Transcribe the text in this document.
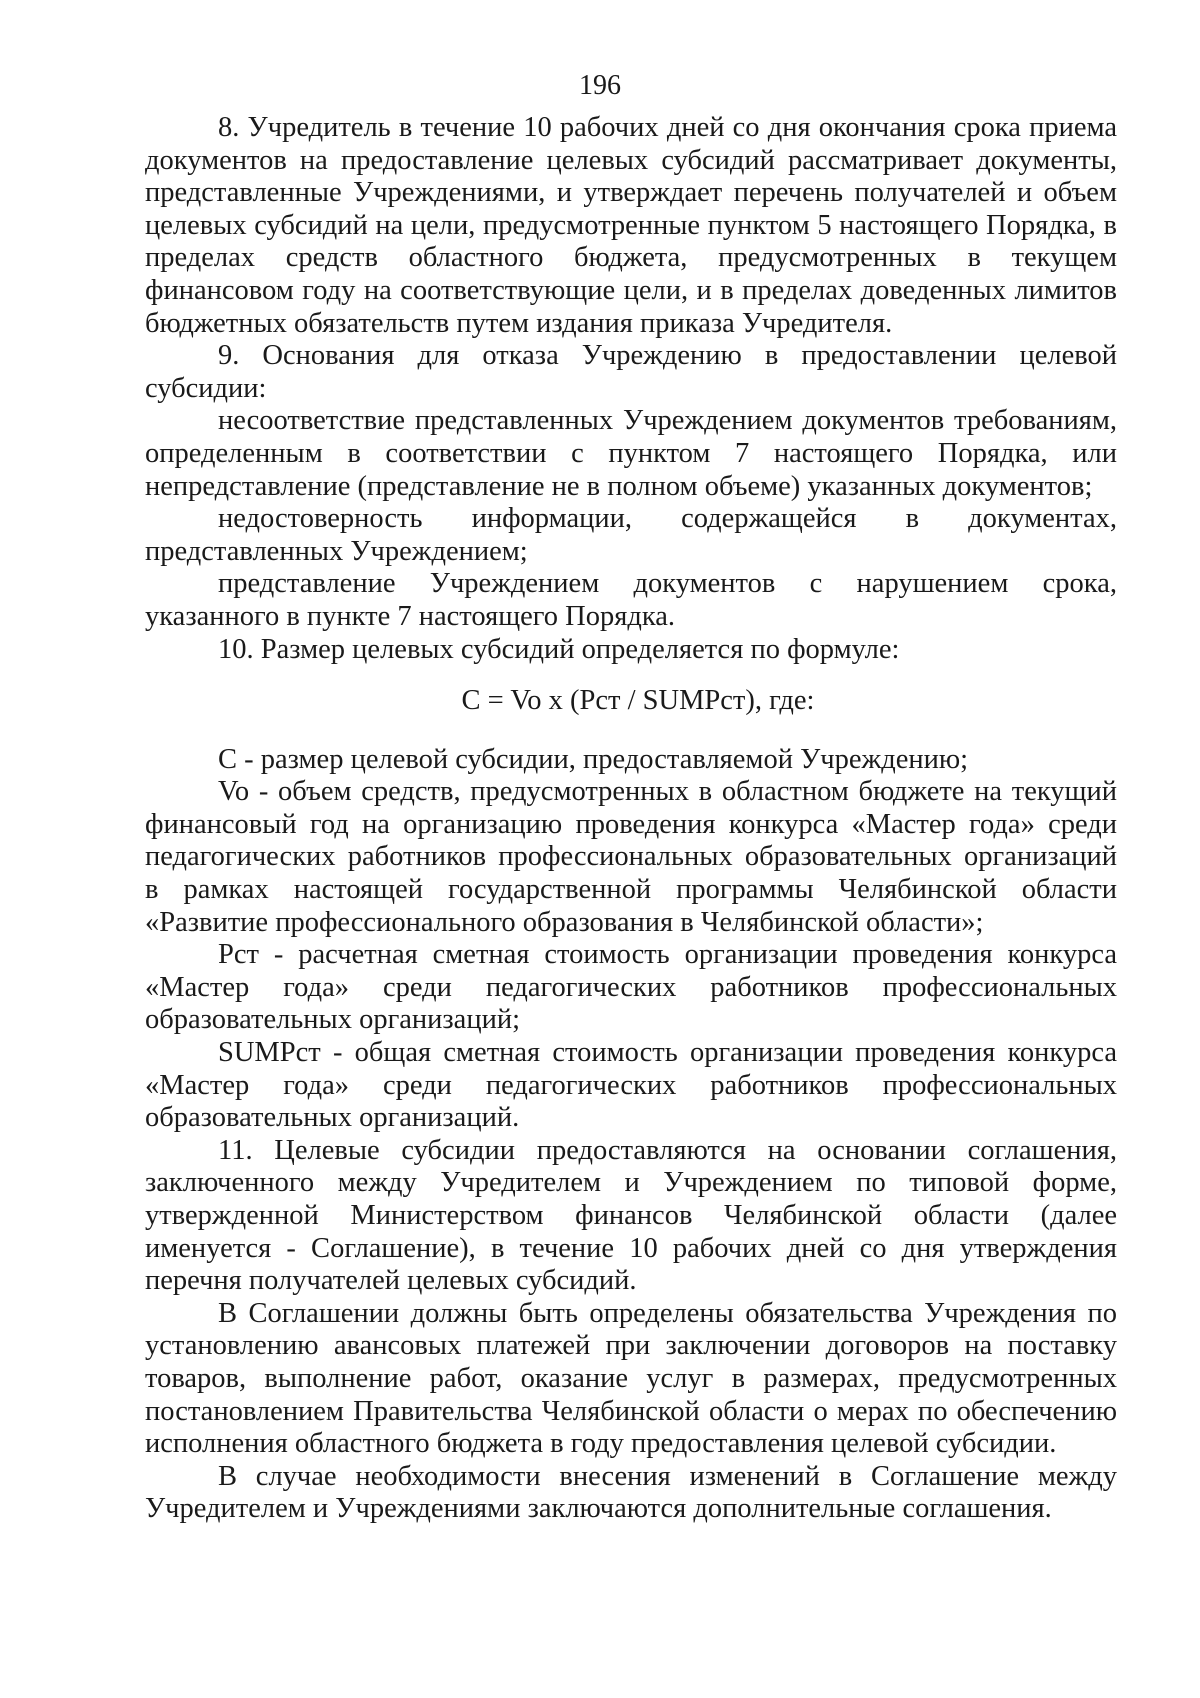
196

8. Учредитель в течение 10 рабочих дней со дня окончания срока приема документов на предоставление целевых субсидий рассматривает документы, представленные Учреждениями, и утверждает перечень получателей и объем целевых субсидий на цели, предусмотренные пунктом 5 настоящего Порядка, в пределах средств областного бюджета, предусмотренных в текущем финансовом году на соответствующие цели, и в пределах доведенных лимитов бюджетных обязательств путем издания приказа Учредителя.

9. Основания для отказа Учреждению в предоставлении целевой субсидии:

несоответствие представленных Учреждением документов требованиям, определенным в соответствии с пунктом 7 настоящего Порядка, или непредставление (представление не в полном объеме) указанных документов;

недостоверность информации, содержащейся в документах, представленных Учреждением;

представление Учреждением документов с нарушением срока, указанного в пункте 7 настоящего Порядка.

10. Размер целевых субсидий определяется по формуле:

C = Vo x (Рст / SUMРст), где:

C - размер целевой субсидии, предоставляемой Учреждению;

Vo - объем средств, предусмотренных в областном бюджете на текущий финансовый год на организацию проведения конкурса «Мастер года» среди педагогических работников профессиональных образовательных организаций в рамках настоящей государственной программы Челябинской области «Развитие профессионального образования в Челябинской области»;

Рст - расчетная сметная стоимость организации проведения конкурса «Мастер года» среди педагогических работников профессиональных образовательных организаций;

SUMРст - общая сметная стоимость организации проведения конкурса «Мастер года» среди педагогических работников профессиональных образовательных организаций.

11. Целевые субсидии предоставляются на основании соглашения, заключенного между Учредителем и Учреждением по типовой форме, утвержденной Министерством финансов Челябинской области (далее именуется - Соглашение), в течение 10 рабочих дней со дня утверждения перечня получателей целевых субсидий.

В Соглашении должны быть определены обязательства Учреждения по установлению авансовых платежей при заключении договоров на поставку товаров, выполнение работ, оказание услуг в размерах, предусмотренных постановлением Правительства Челябинской области о мерах по обеспечению исполнения областного бюджета в году предоставления целевой субсидии.

В случае необходимости внесения изменений в Соглашение между Учредителем и Учреждениями заключаются дополнительные соглашения.
